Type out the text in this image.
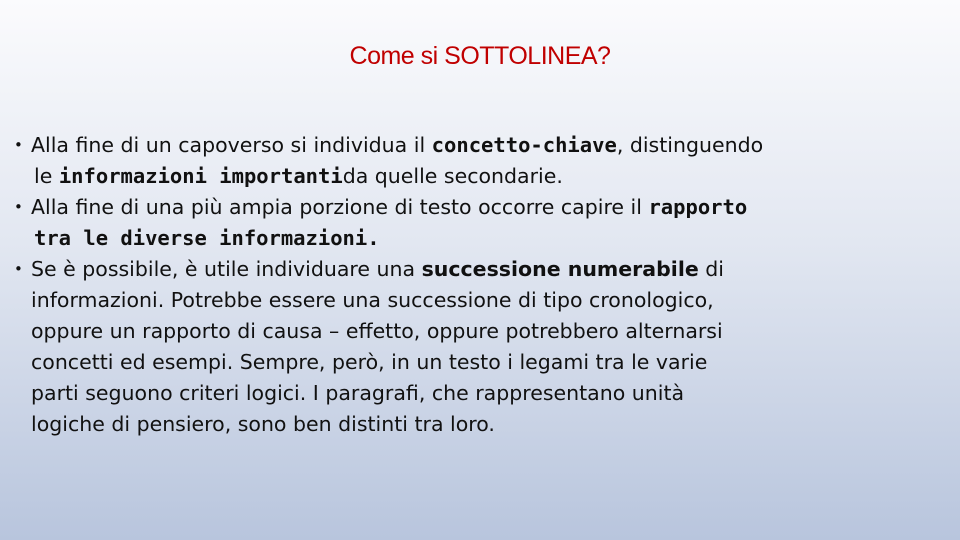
Come si SOTTOLINEA?
• Alla fine di un capoverso si individua il concetto-chiave, distinguendo
le informazioni importantida quelle secondarie.
• Alla fine di una più ampia porzione di testo occorre capire il rapporto
tra le diverse informazioni.
• Se è possibile, è utile individuare una successione numerabile di
informazioni. Potrebbe essere una successione di tipo cronologico,
oppure un rapporto di causa – effetto, oppure potrebbero alternarsi
concetti ed esempi. Sempre, però, in un testo i legami tra le varie
parti seguono criteri logici. I paragrafi, che rappresentano unità
logiche di pensiero, sono ben distinti tra loro.
